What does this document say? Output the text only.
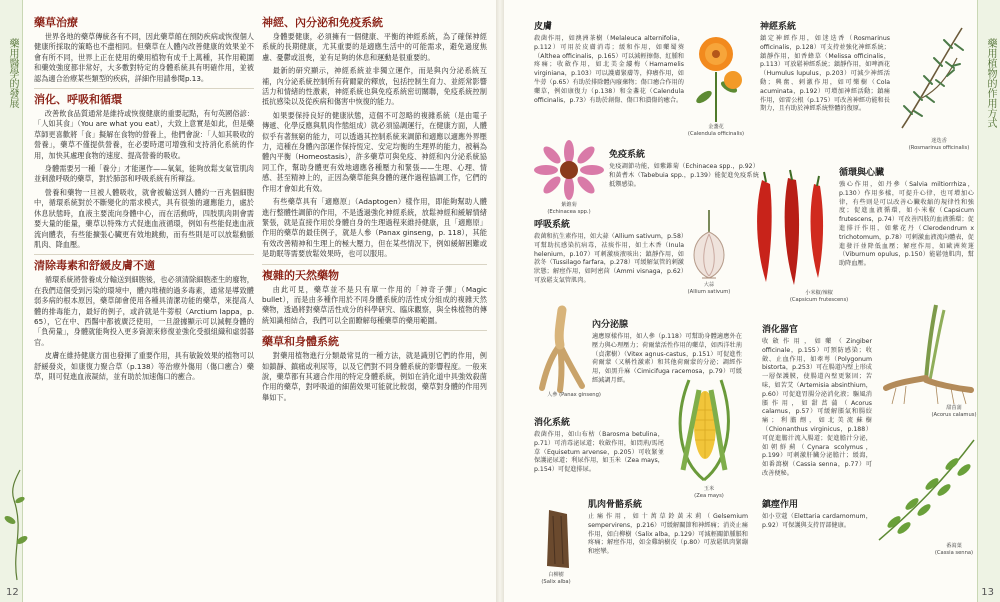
藥用醫學的發展
12
藥草治療

世界各地的藥草傳統各有不同，因此藥草館在預防疾病或恢復個人健康所採取的策略也不盡相同。但藥草在人體內改善健康的效果並不會有所不同，世界上正在使用的藥用植物有成千上萬種，其作用範圍和藥效強度都非常好，大多數對特定的身體系統具有明確作用，並被認為適合治療某些類型的疾病，詳細作用請參閱p.13。

消化、呼吸和循環

改善飲食品質通常是維持或恢復健康的重要起點，有句英國俗諺：「人如其食」（You are what you eat），大致上意實是如此，但是藥草師更喜歡將「食」擬解在食物的營養上，他們會說：「人如其吸收的營養」，藥草不僅提供營養，在必要時還可增強和支持消化系統的作用，加快其處理食物的速度、提高營養的吸收。

身體需要另一種「養分」才能運作——氧氣，能夠放鬆支氣管肌肉並刺激呼吸的藥草，對於肺部和呼吸系統有所禪益。

營養和藥物一旦被人體吸收，就會被輸送到人體約一百兆個細胞中，循環系統對於不斷變化的需求模式，具有很強的適應能力，處於休息狀態時，血液主要流向身體中心，而在活動時，四肢肌肉則會需要大量的能量，藥草以特殊方式促進血液循環，例如有些能促進血液流向體表，有些能擴張心臟更有效地跳動，而有些則是可以放鬆動脈肌肉、降血壓。

清除毒素和舒緩皮膚不適

循環系統將營養成分輸送到細胞後，也必須清除細胞產生的廢物，在我們這個受到污染的環境中，體內堆積的過多毒素，通常是導致體弱多病的根本原因，藥草師會使用各種具清潔功能的藥草，來提高人體的排毒能力，最好的例子，或許就是牛蒡根（Arctium lappa，p. 65），它在中、西醫中都被廣泛使用，一旦證據顯示可以減輕身體的「負荷量」，身體就能夠投入更多資源來修復並強化受損組織和虛弱器官。

皮膚在維持健康方面也發揮了重要作用，具有敏銳效果的植物可以舒緩發炎，如康復力聚合草（p.138）等治療外傷用（傷口癒合）藥草，則可促進血液凝結，並有助於加速傷口的癒合。

神經、內分泌和免疫系統

身體要健康，必須擁有一個健康、平衡的神經系統，為了確保神經系統的長期健康，尤其重要的是適應生活中的可能需求，避免過度焦慮、憂鬱或沮喪，並有足夠的休息和運動是很重要的。

最新的研究顯示，神經系統並非獨立運作，而是與內分泌系統互補，內分泌系統控制所有荷爾蒙的釋放，包括控制生育力、並經常影響活力和情緒的性激素，神經系統也與免疫系統密切關聯，免疫系統控制抵抗感染以及從疾病和傷害中恢復的能力。

如果要保持良好的健康狀態，這個不可忽略的複雜系統（是由電子傳遞、化學反應與肌肉作態組成）就必須協調運行，在健康方面，人體似乎有著無窮的能力，可以透過其控制系統來調節和適應以適應外界壓力，這種在身體內部運作保持恆定、安定均衡的生理界的能力，被稱為體內平衡（Homeostasis），許多藥草可與免疫、神經和內分泌系統協同工作，幫助身體更有效地適應各種壓力和緊張——生理、心理、情感、甚至精神上的，正因為藥草能與身體的運作過程協調工作，它們的作用才會如此有效。

有些藥草具有「適應原」（Adaptogen）樣作用，即能夠幫助人體進行整體性調節的作用，不是透過強化神經系統，放鬆神經和緩解情緒緊張，就是直接作用於身體自身的生理過程來維持健康，且「適應原」作用的藥草的最佳例子，就是人參（Panax ginseng，p. 118），其能有效改善精神和生理上的極大壓力，但在某些情況下，例如緩解困難或是助眠等需要放鬆效果時，也可以服用。

複雜的天然藥物

由此可見，藥草並不是只有單一作用的「神奇子彈」（Magic bullet），而是由多種作用於不同身體系統的活性成分組成的複雜天然藥物，透過將對藥草活性成分的科學研究、臨床觀察，與全株植物的傳統知識相結合，我們可以全面瞭解每種藥草的藥用範圍。

藥草和身體系統

對藥用植物進行分類最常見的一種方法，就是識別它們的作用，例如鎮靜、鎮痛或利尿等，以及它們對不同身體系統的影響程度。一般來說，藥草都有其適合作用的特定身體系統，例如在消化道中具強效殺菌作用的藥草，對呼吸道的細菌效果可能就比較弱，藥草對身體的作用列舉如下。

藥用植物的作用方式
13
皮膚
殺菌作用，如澳洲茶樹（Melaleuca alternifolia，p.112）可用於皮膚消毒；緩和作用，如藥蜀葵（Althea officinalis，p.165）可以減輕擦傷、紅腫和疼痛；收斂作用，如北美金縷梅（Hamamelis virginiana，p.103）可以護膚緊膚等，抑癢作用，如牛蒡（p.65）有助於排除體內廢棄物；傷口癒合作用的藥草，例如康復力（p.138）和金盞花（Calendula officinalis，p.73）有助於創傷、傷口和潰傷的癒合。
神經系統
鎮定神經作用，如迷迭香（Rosmarinus officinalis，p.128）可支持並強化神經系統；鎮靜作用，如香蜂草（Melissa officinalis，p.113）可放鬆神經系統；鎮靜作用，如啤酒花（Humulus lupulus，p.203）可減少神經活動；興奮、刺激作用，如可樂樹（Cola acuminata，p.192）可增加神經活動；鎮痛作用，如雷公根（p.175）可改善神經功能和長期力，且有助於神經系統整體的復原。
免疫系統
免疫調節功能，如紫錐菊（Echinacea spp.，p.92）和黃耆木（Tabebuia spp.，p.139）能促進免疫系統抵禦感染。
循環與心臟
強心作用，如丹參（Salvia miltiorrhiza，p.130）作用多樣，可提升心律，也可增加心律，有些則是可以改善心臟收縮的規律性和強度；促進血液循環，如小米椒（Capsicum frutescens，p.74）可改善四肢的血液循環；促進排汗作用，如紫花丹（Clerodendrum x trichotomum，p.78）可刺激血液流向體表，促進發汗並降低血壓；解痙作用，如歐洲莢蒾（Viburnum opulus，p.150）能鬆弛肌肉，幫助降血壓。
呼吸系統
殺菌和抗生素作用，如大蒜（Allium sativum，p.58）可幫助抗感染抗病毒，祛痰作用，如土木香（Inula helenium，p.107）可刺激痰液咳出；鎮靜作用，如款冬（Tussilago farfara，p.278）可緩解氣管的刺激狀態；解痙作用，如阿密茴（Ammi visnaga，p.62）可放鬆支氣管肌肉。
內分泌腺
適應原樣作用，如人參（p.118）可幫助身體適應外在壓力與心理壓力；荷爾蒙活性作用的藥草，如西洋牡荊（貞潔樹）（Vitex agnus-castus，p.151）可促進性荷爾蒙（又稱性激素）和其他荷爾蒙的分泌；調經作用，如黑升麻（Cimicifuga racemosa，p.79）可緩經減調月經。
消化系統
殺菌作用，如山布枯（Barosma betulina，p.71）可消毒泌尿道；收斂作用，如問荊/馬尾草（Equisetum arvense，p.205）可收緊並保護泌尿道；利尿作用，如玉米（Zea mays，p.154）可促進排尿。
消化器官
收斂作用，如藥（Zingiber officinale，p.155）可預防感染；收斂、止血作用，如牽萼（Polygonum bistorta，p.253）可在腸道內壁上形成一層保護膜，使腸道內壁更緊固；苦味，如苦艾（Artemisia absinthium，p.60）可促進胃腸分泌消化液；驅風消脹作用，如甜菖蒲（Acorus calamus，p.57）可緩解脹氣和腸絞痛；利膽劑，如北美流蘇樹（Chionanthus virginicus，p.188）可促進膽汁流入腸道；促進膽汁分泌，如朝鮮薊（Cynara scolymus，p.199）可刺激肝臟分泌膽汁；緩瀉，如番瀉樹（Cassia senna，p.77）可改善便秘。
肌肉骨骼系統
止痛作用，如十萬草鈴黃末莉（Gelsemium sempervirens，p.216）可緩解關節和神經痛；消炎止痛作用，如白柳樹（Salix alba，p.129）可減輕關節腫脹和疼痛；解痙作用，如金雞納樹皮（p.80）可放鬆肌肉緊繃和痙攣。
鎮痙作用
如小荳蔻（Elettaria cardamomum，p.92）可保護與支持胃部健康。
金盞花
(Calendula officinalis)
迷迭香
(Rosmarinus officinalis)
紫錐菊
(Echinacea spp.)
大蒜
(Allium sativum)	小米椒/辣椒
(Capsicum frutescens)
人參 (Panax ginseng)
玉米
(Zea mays)
甜菖蒲
(Acorus calamus)
番瀉葉
(Cassia senna)
白柳樹
(Salix alba)
